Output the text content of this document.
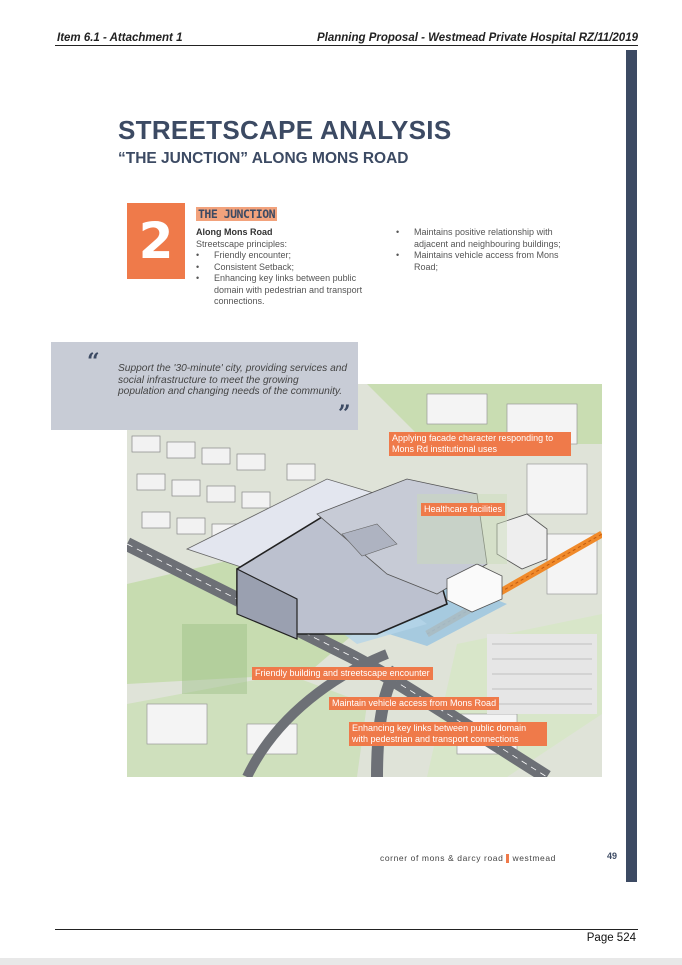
Item 6.1 - Attachment 1	Planning Proposal - Westmead Private Hospital RZ/11/2019
STREETSCAPE ANALYSIS
“THE JUNCTION” ALONG MONS ROAD
2	THE JUNCTION
Along Mons Road
Streetscape principles:
•	Friendly encounter;
•	Consistent Setback;
•	Enhancing key links between public domain with pedestrian and transport connections.
•	Maintains positive relationship with adjacent and neighbouring buildings;
•	Maintains vehicle access from Mons Road;
“ Support the '30-minute' city, providing services and social infrastructure to meet the growing population and changing needs of the community.
”
Applying facade character responding to Mons Rd institutional uses
Healthcare facilities
Friendly building and streetscape encounter
Maintain vehicle access from Mons Road
Enhancing key links between public domain with pedestrian and transport connections
corner of mons & darcy road westmead	49
Page 524
